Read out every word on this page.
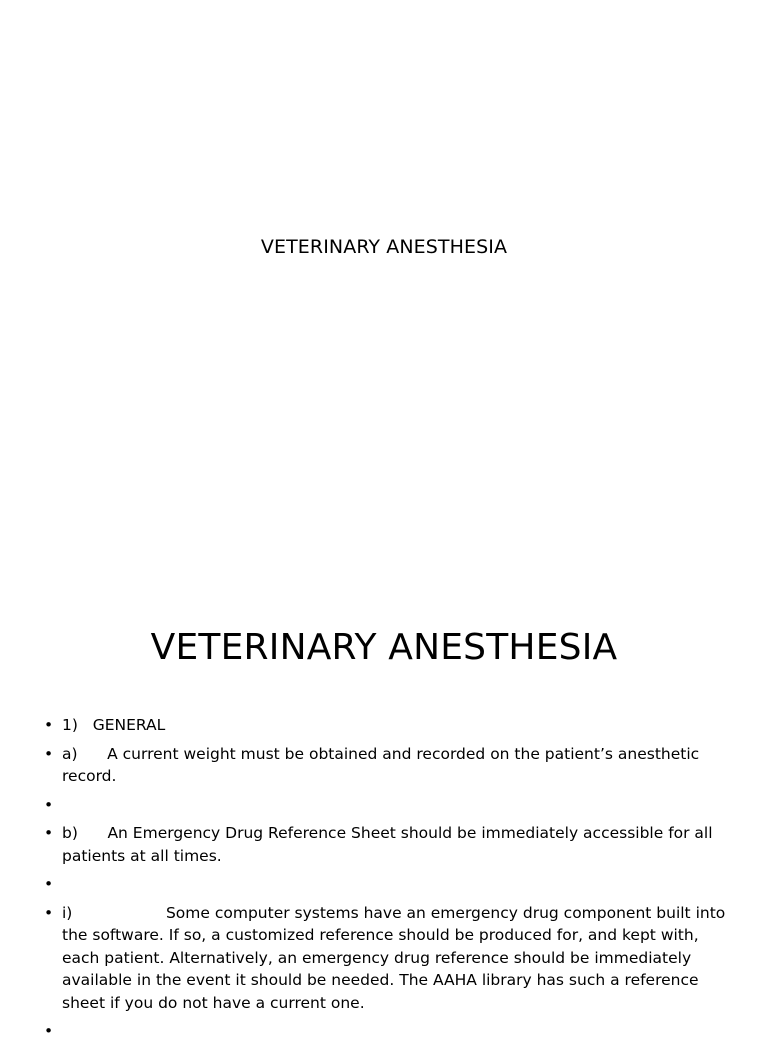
VETERINARY ANESTHESIA
VETERINARY ANESTHESIA
• 1)   GENERAL
• a)      A current weight must be obtained and recorded on the patient’s anesthetic record.
•
• b)      An Emergency Drug Reference Sheet should be immediately accessible for all patients at all times.
•
• i)                   Some computer systems have an emergency drug component built into the software. If so, a customized reference should be produced for, and kept with, each patient. Alternatively, an emergency drug reference should be immediately available in the event it should be needed. The AAHA library has such a reference sheet if you do not have a current one.
•
